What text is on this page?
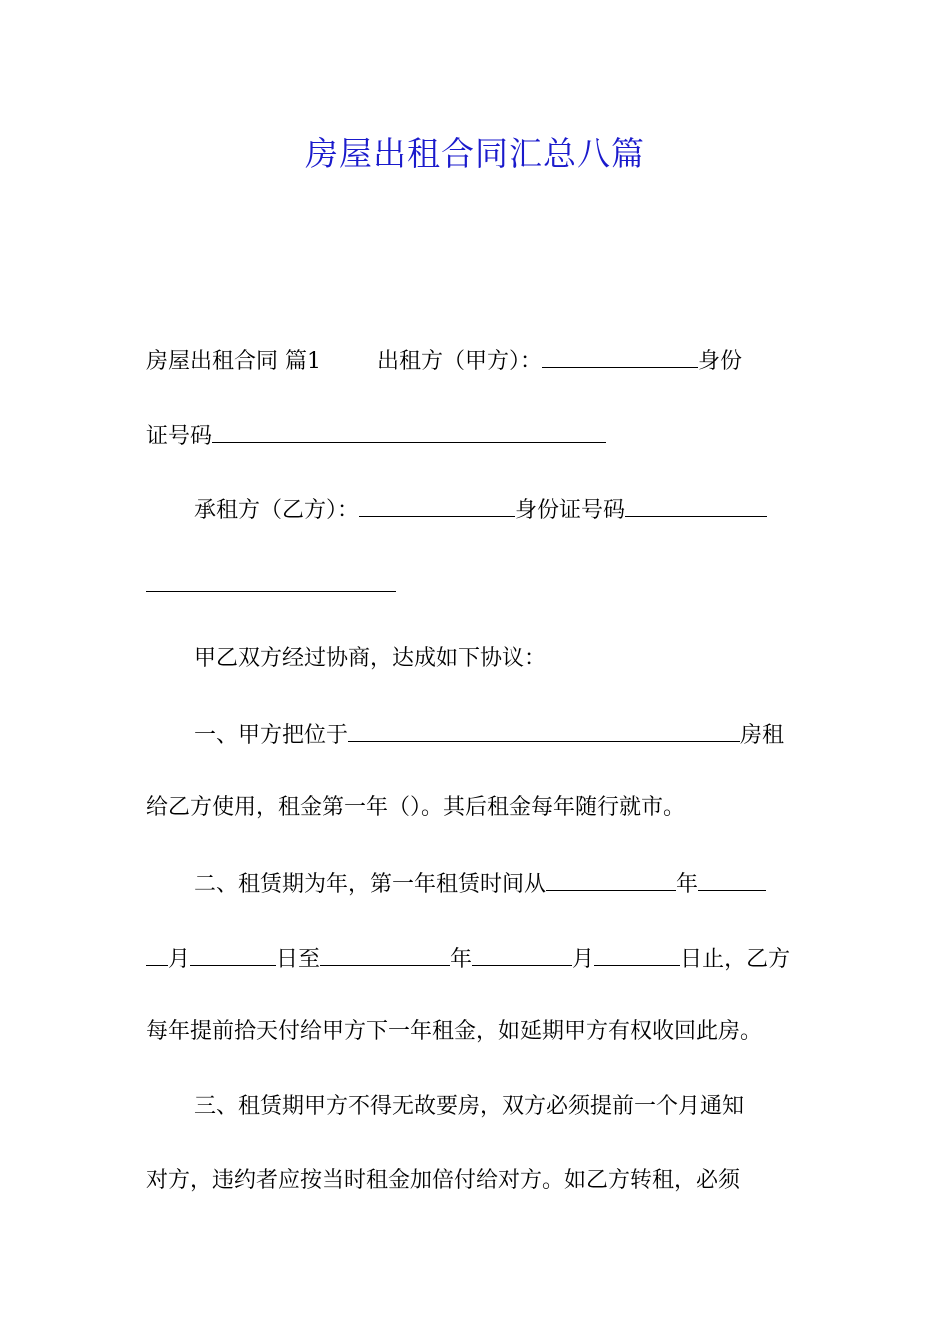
房屋出租合同汇总八篇
房屋出租合同 篇1	出租方（甲方）：	身份
证号码
承租方（乙方）：	身份证号码
甲乙双方经过协商，达成如下协议：
一、甲方把位于	房租
给乙方使用，租金第一年（）。其后租金每年随行就市。
二、租赁期为年，第一年租赁时间从	年
月	日至	年	月	日止，乙方
每年提前拾天付给甲方下一年租金，如延期甲方有权收回此房。
三、租赁期甲方不得无故要房，双方必须提前一个月通知
对方，违约者应按当时租金加倍付给对方。如乙方转租，必须
